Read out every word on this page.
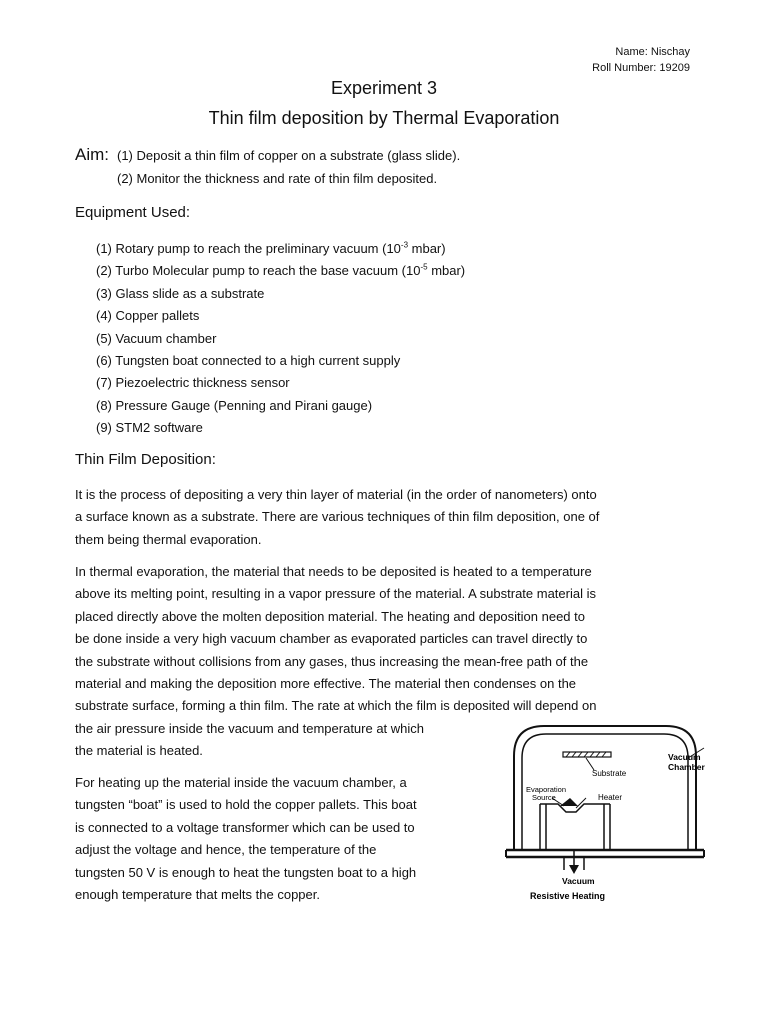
Name: Nischay
Roll Number: 19209
Experiment 3
Thin film deposition by Thermal Evaporation
Aim: (1) Deposit a thin film of copper on a substrate (glass slide).
(2) Monitor the thickness and rate of thin film deposited.
Equipment Used:
(1) Rotary pump to reach the preliminary vacuum ($10^{-3}$ mbar)
(2) Turbo Molecular pump to reach the base vacuum ($10^{-5}$ mbar)
(3) Glass slide as a substrate
(4) Copper pallets
(5) Vacuum chamber
(6) Tungsten boat connected to a high current supply
(7) Piezoelectric thickness sensor
(8) Pressure Gauge (Penning and Pirani gauge)
(9) STM2 software
Thin Film Deposition:
It is the process of depositing a very thin layer of material (in the order of nanometers) onto
a surface known as a substrate. There are various techniques of thin film deposition, one of
them being thermal evaporation.
In thermal evaporation, the material that needs to be deposited is heated to a temperature
above its melting point, resulting in a vapor pressure of the material. A substrate material is
placed directly above the molten deposition material. The heating and deposition need to
be done inside a very high vacuum chamber as evaporated particles can travel directly to
the substrate without collisions from any gases, thus increasing the mean-free path of the
material and making the deposition more effective. The material then condenses on the
substrate surface, forming a thin film. The rate at which the film is deposited will depend on
the air pressure inside the vacuum and temperature at which
the material is heated.
For heating up the material inside the vacuum chamber, a
tungsten “boat” is used to hold the copper pallets. This boat
is connected to a voltage transformer which can be used to
adjust the voltage and hence, the temperature of the
tungsten 50 V is enough to heat the tungsten boat to a high
enough temperature that melts the copper.
Substrate
Vacuum
Chamber
Evaporation
Source	Heater
Vacuum
Resistive Heating
